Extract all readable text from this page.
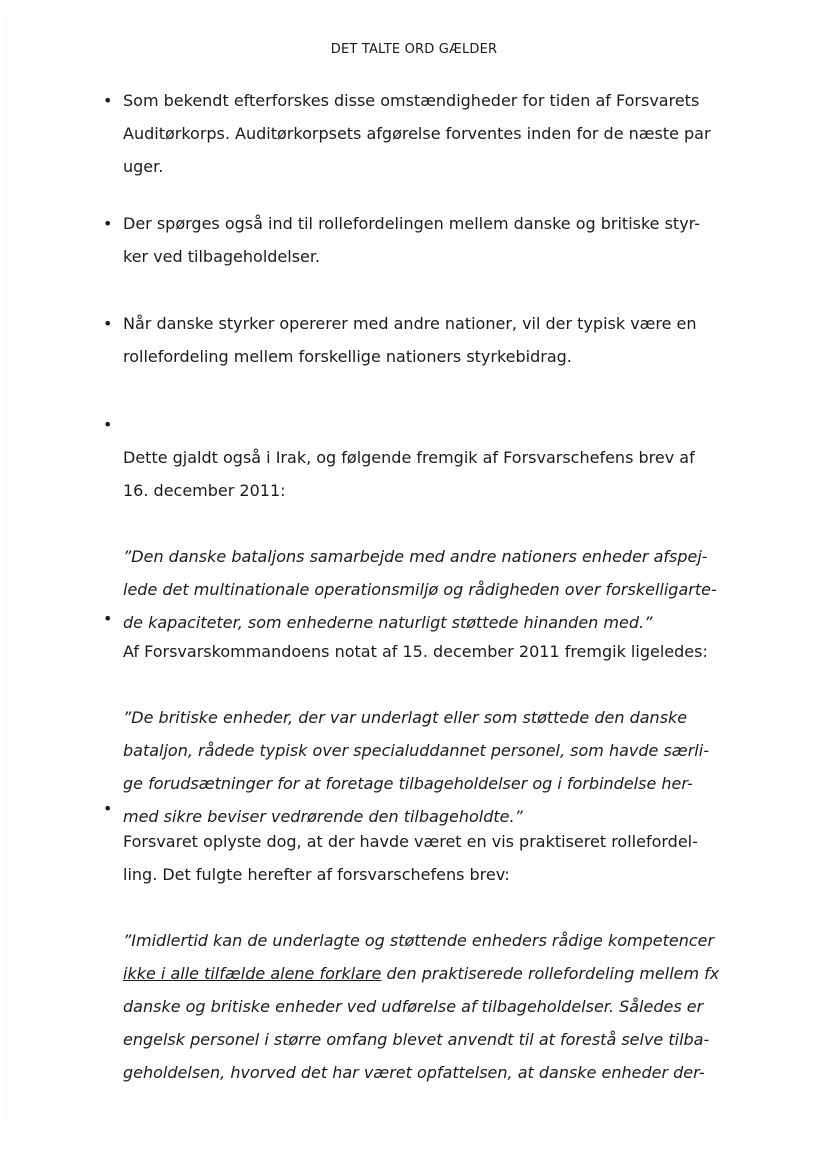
DET TALTE ORD GÆLDER
• Som bekendt efterforskes disse omstændigheder for tiden af Forsvarets
Auditørkorps. Auditørkorpsets afgørelse forventes inden for de næste par
uger.
• Der spørges også ind til rollefordelingen mellem danske og britiske styr-
ker ved tilbageholdelser.
• Når danske styrker opererer med andre nationer, vil der typisk være en
rollefordeling mellem forskellige nationers styrkebidrag.
•

Dette gjaldt også i Irak, og følgende fremgik af Forsvarschefens brev af
16. december 2011:

”Den danske bataljons samarbejde med andre nationers enheder afspej-
lede det multinationale operationsmiljø og rådigheden over forskelligarte-
de kapaciteter, som enhederne naturligt støttede hinanden med.”

•

Af Forsvarskommandoens notat af 15. december 2011 fremgik ligeledes:

”De britiske enheder, der var underlagt eller som støttede den danske
bataljon, rådede typisk over specialuddannet personel, som havde særli-
ge forudsætninger for at foretage tilbageholdelser og i forbindelse her-
med sikre beviser vedrørende den tilbageholdte.”

•

Forsvaret oplyste dog, at der havde været en vis praktiseret rollefordel-
ling. Det fulgte herefter af forsvarschefens brev:

”Imidlertid kan de underlagte og støttende enheders rådige kompetencer
ikke i alle tilfælde alene forklare den praktiserede rollefordeling mellem fx
danske og britiske enheder ved udførelse af tilbageholdelser. Således er
engelsk personel i større omfang blevet anvendt til at forestå selve tilba-
geholdelsen, hvorved det har været opfattelsen, at danske enheder der-
